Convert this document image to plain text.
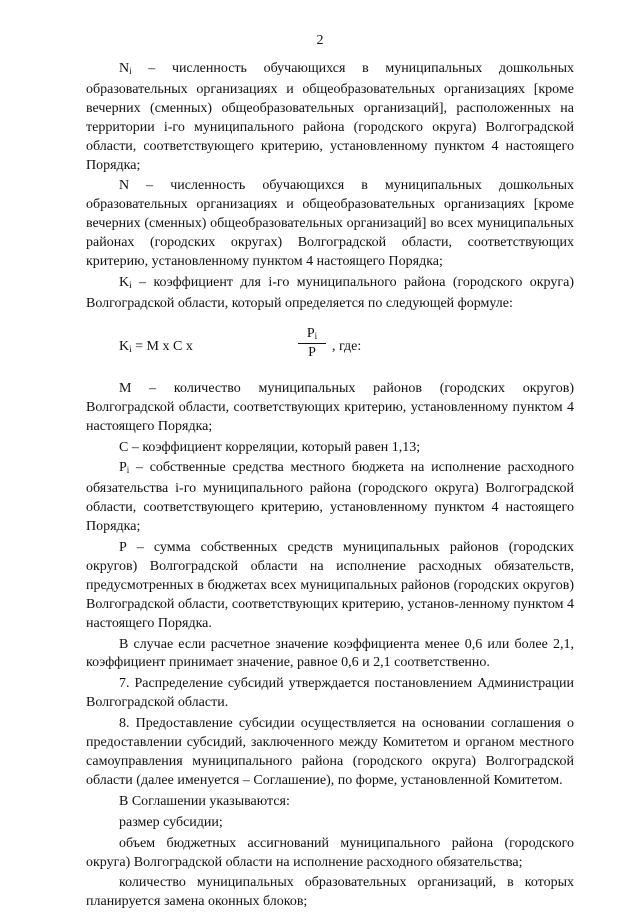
2

$N_i$ – численность обучающихся в муниципальных дошкольных образовательных организациях и общеобразовательных организациях [кроме вечерних (сменных) общеобразовательных организаций], расположенных на территории i-го муниципального района (городского округа) Волгоградской области, соответствующего критерию, установленному пунктом 4 настоящего Порядка;

N – численность обучающихся в муниципальных дошкольных образовательных организациях и общеобразовательных организациях [кроме вечерних (сменных) общеобразовательных организаций] во всех муниципальных районах (городских округах) Волгоградской области, соответствующих критерию, установленному пунктом 4 настоящего Порядка;

$K_i$ – коэффициент для i-го муниципального района (городского округа) Волгоградской области, который определяется по следующей формуле:

$K_i = M$ x C x
$P_i$
P	, где:

М – количество муниципальных районов (городских округов) Волгоградской области, соответствующих критерию, установленному пунктом 4 настоящего Порядка;

С – коэффициент корреляции, который равен 1,13;

$P_i$ – собственные средства местного бюджета на исполнение расходного обязательства i-го муниципального района (городского округа) Волгоградской области, соответствующего критерию, установленному пунктом 4 настоящего Порядка;

Р – сумма собственных средств муниципальных районов (городских округов) Волгоградской области на исполнение расходных обязательств, предусмотренных в бюджетах всех муниципальных районов (городских округов) Волгоградской области, соответствующих критерию, установ-ленному пунктом 4 настоящего Порядка.

В случае если расчетное значение коэффициента менее 0,6 или более 2,1, коэффициент принимает значение, равное 0,6 и 2,1 соответственно.

7. Распределение субсидий утверждается постановлением Администрации Волгоградской области.

8. Предоставление субсидии осуществляется на основании соглашения о предоставлении субсидий, заключенного между Комитетом и органом местного самоуправления муниципального района (городского округа) Волгоградской области (далее именуется – Соглашение), по форме, установленной Комитетом.

В Соглашении указываются:

размер субсидии;

объем бюджетных ассигнований муниципального района (городского округа) Волгоградской области на исполнение расходного обязательства;

количество муниципальных образовательных организаций, в которых планируется замена оконных блоков;
